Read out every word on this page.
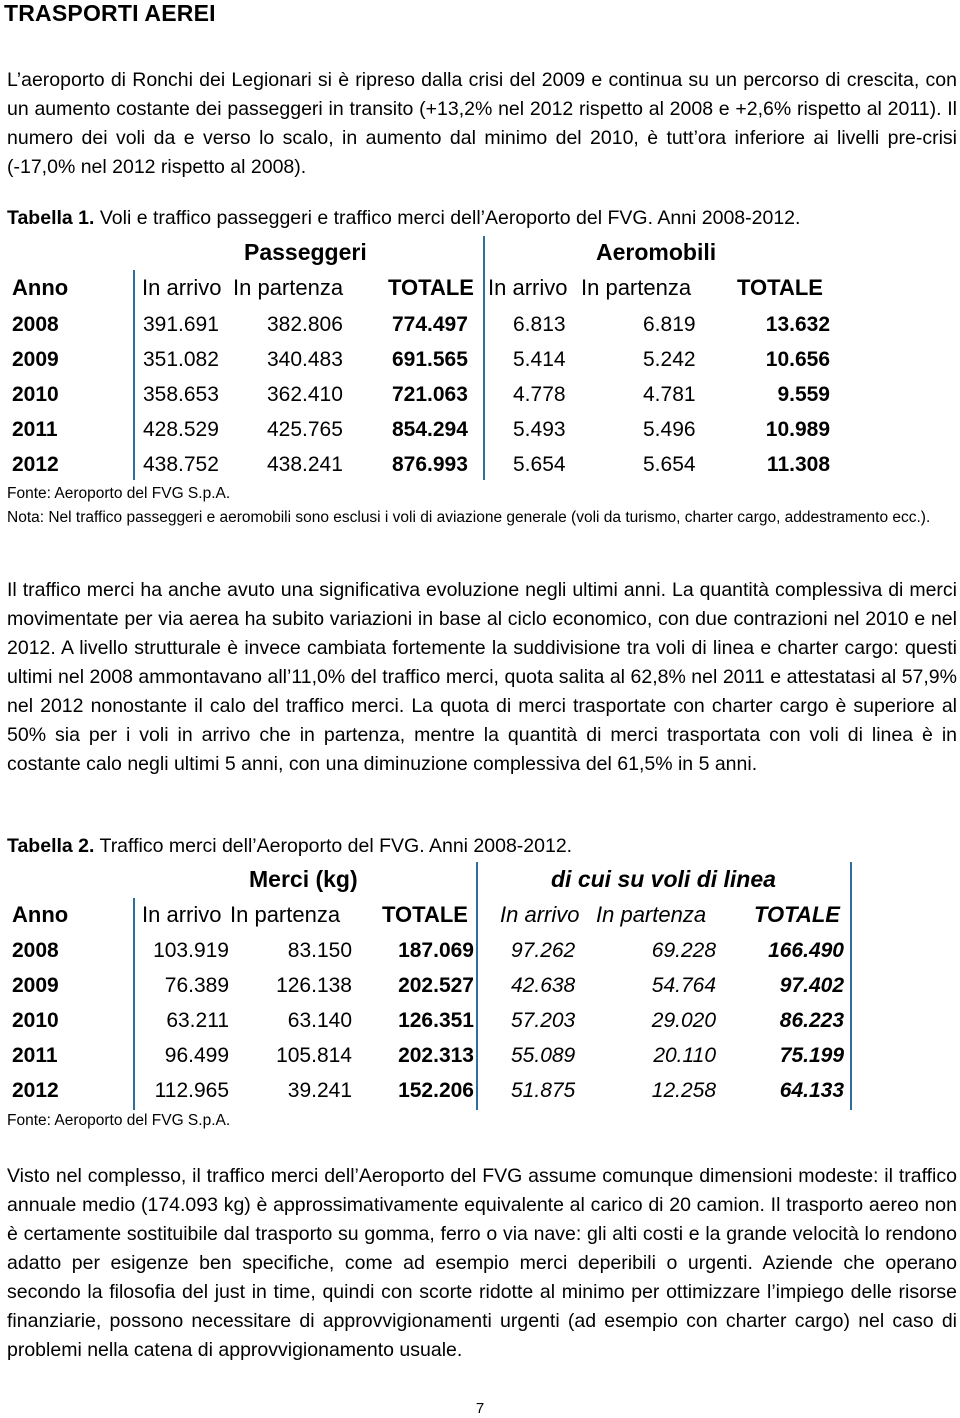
TRASPORTI AEREI

L’aeroporto di Ronchi dei Legionari si è ripreso dalla crisi del 2009 e continua su un percorso di crescita, con un aumento costante dei passeggeri in transito (+13,2% nel 2012 rispetto al 2008 e +2,6% rispetto al 2011). Il numero dei voli da e verso lo scalo, in aumento dal minimo del 2010, è tutt’ora inferiore ai livelli pre-crisi (-17,0% nel 2012 rispetto al 2008).

Tabella 1. Voli e traffico passeggeri e traffico merci dell’Aeroporto del FVG. Anni 2008-2012.
Passeggeri	Aeromobili
Anno	In arrivo In partenza TOTALE In arrivo In partenza TOTALE
2008	391.691 382.806 774.497 6.813	6.819	13.632
2009	351.082 340.483 691.565 5.414	5.242	10.656
2010	358.653 362.410 721.063 4.778	4.781	9.559
2011	428.529 425.765 854.294 5.493	5.496	10.989
2012	438.752 438.241 876.993 5.654	5.654	11.308
Fonte: Aeroporto del FVG S.p.A.
Nota: Nel traffico passeggeri e aeromobili sono esclusi i voli di aviazione generale (voli da turismo, charter cargo, addestramento ecc.).

Il traffico merci ha anche avuto una significativa evoluzione negli ultimi anni. La quantità complessiva di merci movimentate per via aerea ha subito variazioni in base al ciclo economico, con due contrazioni nel 2010 e nel 2012. A livello strutturale è invece cambiata fortemente la suddivisione tra voli di linea e charter cargo: questi ultimi nel 2008 ammontavano all’11,0% del traffico merci, quota salita al 62,8% nel 2011 e attestatasi al 57,9% nel 2012 nonostante il calo del traffico merci. La quota di merci trasportate con charter cargo è superiore al 50% sia per i voli in arrivo che in partenza, mentre la quantità di merci trasportata con voli di linea è in costante calo negli ultimi 5 anni, con una diminuzione complessiva del 61,5% in 5 anni.

Tabella 2. Traffico merci dell’Aeroporto del FVG. Anni 2008-2012.
Merci (kg)	di cui su voli di linea
Anno	In arrivo In partenza TOTALE In arrivo In partenza TOTALE
2008	103.919	83.150	187.069 97.262	69.228	166.490
2009	76.389	126.138	202.527 42.638	54.764	97.402
2010	63.211	63.140	126.351 57.203	29.020	86.223
2011	96.499	105.814	202.313 55.089	20.110	75.199
2012	112.965	39.241	152.206 51.875	12.258	64.133
Fonte: Aeroporto del FVG S.p.A.

Visto nel complesso, il traffico merci dell’Aeroporto del FVG assume comunque dimensioni modeste: il traffico annuale medio (174.093 kg) è approssimativamente equivalente al carico di 20 camion. Il trasporto aereo non è certamente sostituibile dal trasporto su gomma, ferro o via nave: gli alti costi e la grande velocità lo rendono adatto per esigenze ben specifiche, come ad esempio merci deperibili o urgenti. Aziende che operano secondo la filosofia del just in time, quindi con scorte ridotte al minimo per ottimizzare l’impiego delle risorse finanziarie, possono necessitare di approvvigionamenti urgenti (ad esempio con charter cargo) nel caso di problemi nella catena di approvvigionamento usuale.

7
